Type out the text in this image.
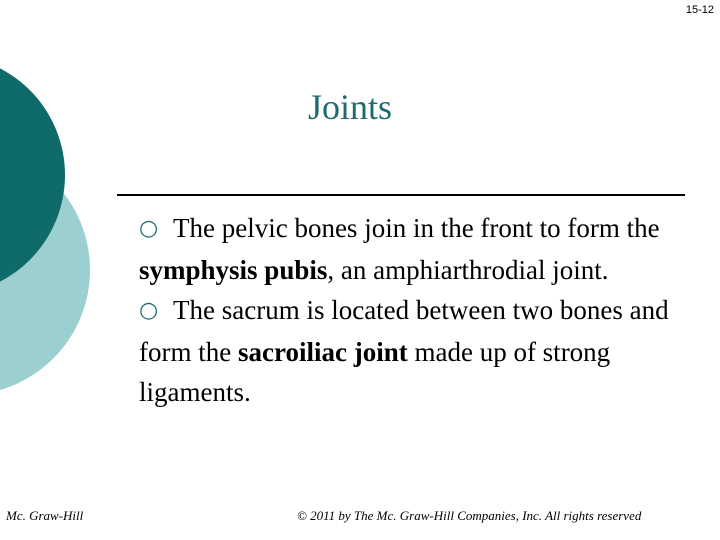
15-12
Joints

○ The pelvic bones join in the front to form the symphysis pubis, an amphiarthrodial joint.

○ The sacrum is located between two bones and form the sacroiliac joint made up of strong ligaments.

Mc. Graw-Hill	© 2011 by The Mc. Graw-Hill Companies, Inc. All rights reserved
